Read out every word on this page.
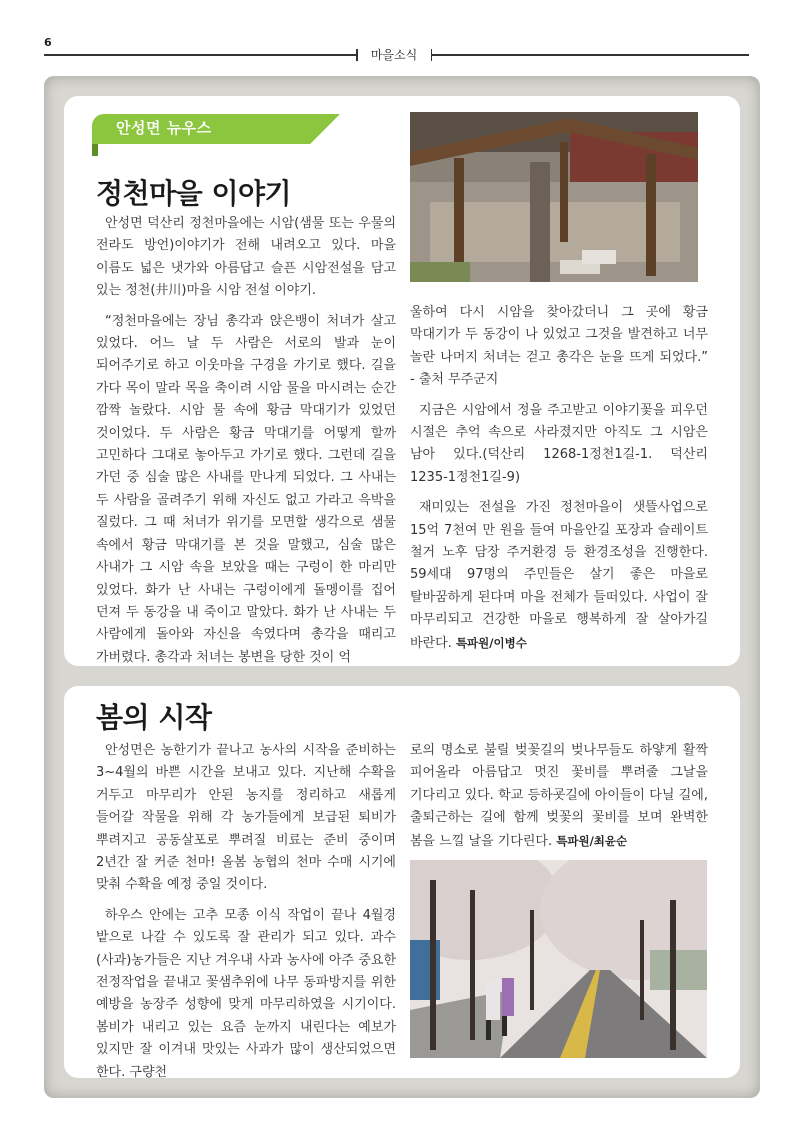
6
마을소식
안성면 뉴우스
정천마을 이야기

안성면 덕산리 정천마을에는 시암(샘물 또는 우물의 전라도 방언)이야기가 전해 내려오고 있다. 마을 이름도 넓은 냇가와 아름답고 슬픈 시암전설을 담고 있는 정천(井川)마을 시암 전설 이야기.

“정천마을에는 장님 총각과 앉은뱅이 처녀가 살고 있었다. 어느 날 두 사람은 서로의 발과 눈이 되어주기로 하고 이웃마을 구경을 가기로 했다. 길을 가다 목이 말라 목을 축이려 시암 물을 마시려는 순간 깜짝 놀랐다. 시암 물 속에 황금 막대기가 있었던 것이었다. 두 사람은 황금 막대기를 어떻게 할까 고민하다 그대로 놓아두고 가기로 했다. 그런데 길을 가던 중 심술 많은 사내를 만나게 되었다. 그 사내는 두 사람을 골려주기 위해 자신도 없고 가라고 윽박을 질렀다. 그 때 처녀가 위기를 모면할 생각으로 샘물 속에서 황금 막대기를 본 것을 말했고, 심술 많은 사내가 그 시암 속을 보았을 때는 구렁이 한 마리만 있었다. 화가 난 사내는 구렁이에게 돌멩이를 집어 던져 두 동강을 내 죽이고 말았다. 화가 난 사내는 두 사람에게 돌아와 자신을 속였다며 총각을 때리고 가버렸다. 총각과 처녀는 봉변을 당한 것이 억

울하여 다시 시암을 찾아갔더니 그 곳에 황금 막대기가 두 동강이 나 있었고 그것을 발견하고 너무 놀란 나머지 처녀는 걷고 총각은 눈을 뜨게 되었다.” - 출처 무주군지

지금은 시암에서 정을 주고받고 이야기꽃을 피우던 시절은 추억 속으로 사라졌지만 아직도 그 시암은 남아 있다.(덕산리 1268-1정천1길-1. 덕산리 1235-1정천1길-9)

재미있는 전설을 가진 정천마을이 샛뜰사업으로 15억 7천여 만 원을 들여 마을안길 포장과 슬레이트 철거 노후 담장 주거환경 등 환경조성을 진행한다. 59세대 97명의 주민들은 살기 좋은 마을로 탈바꿈하게 된다며 마을 전체가 들떠있다. 사업이 잘 마무리되고 건강한 마을로 행복하게 잘 살아가길 바란다. 특파원/이병수

봄의 시작

안성면은 농한기가 끝나고 농사의 시작을 준비하는 3~4월의 바쁜 시간을 보내고 있다. 지난해 수확을 거두고 마무리가 안된 농지를 정리하고 새롭게 들어갈 작물을 위해 각 농가들에게 보급된 퇴비가 뿌려지고 공동살포로 뿌려질 비료는 준비 중이며 2년간 잘 커준 천마! 올봄 농협의 천마 수매 시기에 맞춰 수확을 예정 중일 것이다.

하우스 안에는 고추 모종 이식 작업이 끝나 4월경 밭으로 나갈 수 있도록 잘 관리가 되고 있다. 과수(사과)농가들은 지난 겨우내 사과 농사에 아주 중요한 전정작업을 끝내고 꽃샘추위에 나무 동파방지를 위한 예방을 농장주 성향에 맞게 마무리하였을 시기이다. 봄비가 내리고 있는 요즘 눈까지 내린다는 예보가 있지만 잘 이겨내 맛있는 사과가 많이 생산되었으면 한다. 구량천

로의 명소로 불릴 벚꽃길의 벚나무들도 하얗게 활짝 피어올라 아름답고 멋진 꽃비를 뿌려줄 그날을 기다리고 있다. 학교 등하굣길에 아이들이 다닐 길에, 출퇴근하는 길에 함께 벚꽃의 꽃비를 보며 완벽한 봄을 느낄 날을 기다린다. 특파원/최윤순
